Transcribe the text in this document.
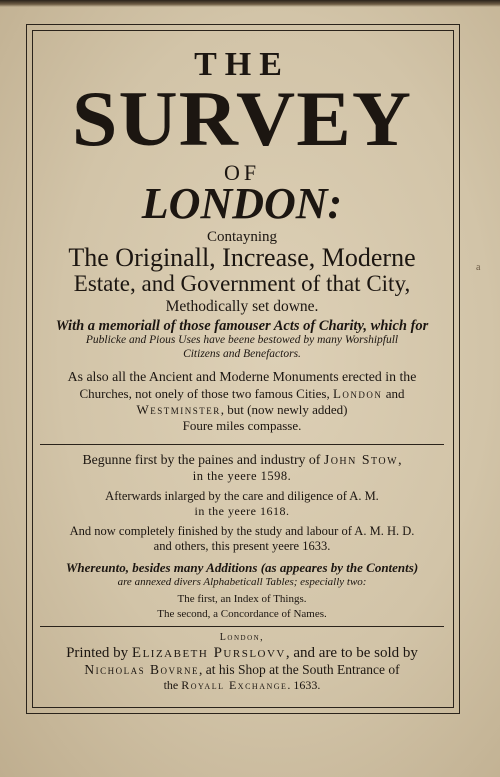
a
THE
SURVEY
OF
LONDON:
Contayning
The Originall, Increase, Moderne
Estate, and Government of that City,
Methodically set downe.
With a memoriall of those famouser Acts of Charity, which for
Publicke and Pious Uses have beene bestowed by many Worshipfull
Citizens and Benefactors.
As also all the Ancient and Moderne Monuments erected in the
Churches, not onely of those two famous Cities, London and
Westminster, but (now newly added)
Foure miles compasse.
Begunne first by the paines and industry of John Stow,
in the yeere 1598.
Afterwards inlarged by the care and diligence of A. M.
in the yeere 1618.
And now completely finished by the study and labour of A. M. H. D.
and others, this present yeere 1633.
Whereunto, besides many Additions (as appeares by the Contents)
are annexed divers Alphabeticall Tables; especially two:
The first, an Index of Things.
The second, a Concordance of Names.
London,
Printed by Elizabeth Purslovv, and are to be sold by
Nicholas Bovrne, at his Shop at the South Entrance of
the Royall Exchange. 1633.
